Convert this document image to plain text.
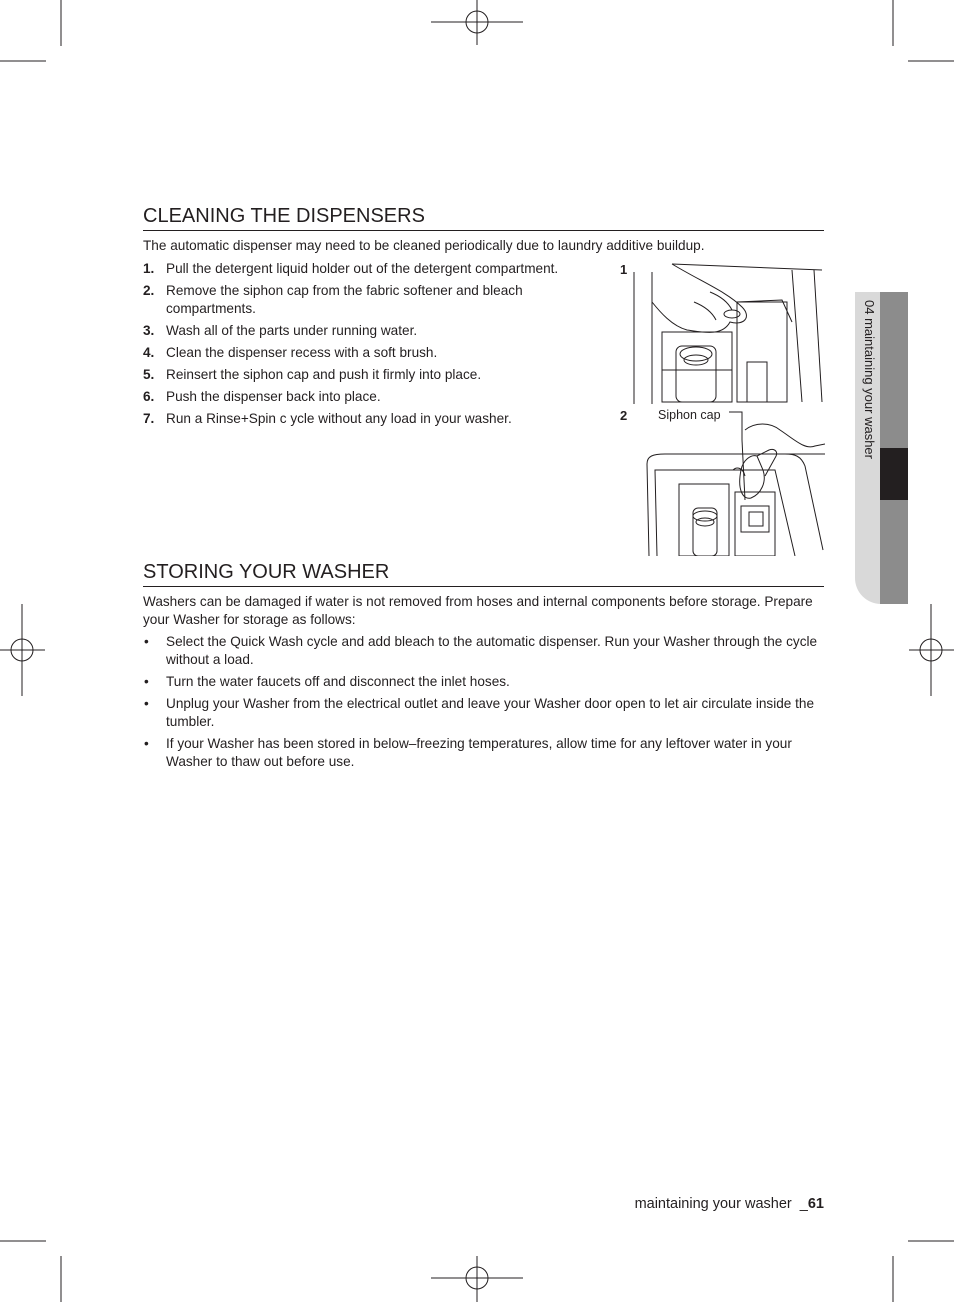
CLEANING THE DISPENSERS

The automatic dispenser may need to be cleaned periodically due to laundry additive buildup.

1. Pull the detergent liquid holder out of the detergent compartment.
2. Remove the siphon cap from the fabric softener and bleach compartments.
3. Wash all of the parts under running water.
4. Clean the dispenser recess with a soft brush.
5. Reinsert the siphon cap and push it firmly into place.
6. Push the dispenser back into place.
7. Run a Rinse+Spin c ycle without any load in your washer.
1
2 Siphon cap
STORING YOUR WASHER

Washers can be damaged if water is not removed from hoses and internal components before storage. Prepare your Washer for storage as follows:

• Select the Quick Wash cycle and add bleach to the automatic dispenser. Run your Washer through the cycle without a load.
• Turn the water faucets off and disconnect the inlet hoses.
• Unplug your Washer from the electrical outlet and leave your Washer door open to let air circulate inside the tumbler.
• If your Washer has been stored in below–freezing temperatures, allow time for any leftover water in your Washer to thaw out before use.
04 maintaining your washer
maintaining your washer  _61
